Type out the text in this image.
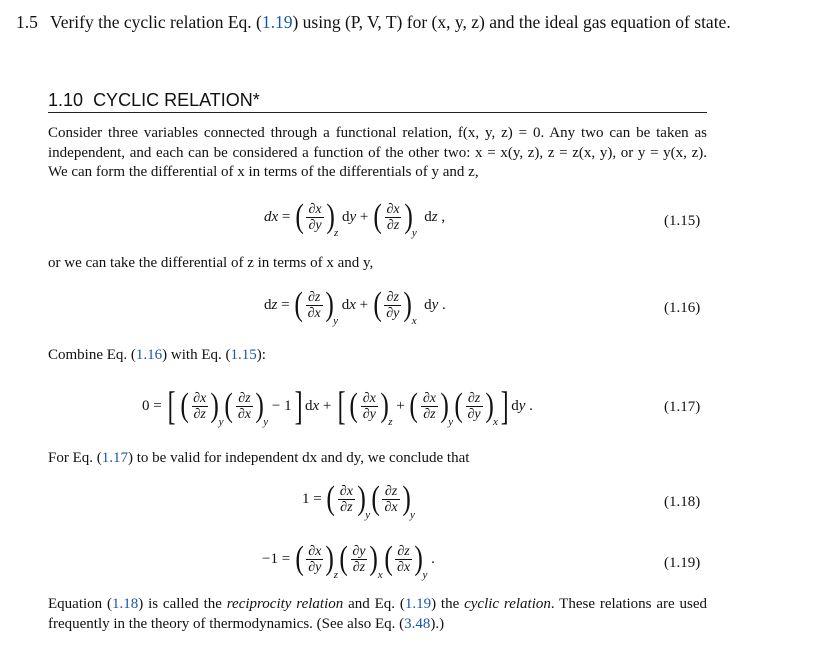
1.5 Verify the cyclic relation Eq. (1.19) using (P, V, T) for (x, y, z) and the ideal gas equation of state.
1.10 CYCLIC RELATION*
Consider three variables connected through a functional relation, f(x, y, z) = 0. Any two can be taken as independent, and each can be considered a function of the other two: x = x(y, z), z = z(x, y), or y = y(x, z). We can form the differential of x in terms of the differentials of y and z,
dx = ( $\frac{\partial x}{\partial y}$ ) z
dy + ( $\frac{\partial x}{\partial z}$ ) y
dz ,	(1.15)
or we can take the differential of z in terms of x and y,
dz = ( $\frac{\partial z}{\partial x}$ ) y
dx + ( $\frac{\partial z}{\partial y}$ ) x
dy .	(1.16)
Combine Eq. (1.16) with Eq. (1.15):
0 = [ ( $\frac{\partial x}{\partial z}$ ) y ( $\frac{\partial z}{\partial x}$ ) y
− 1 ] dx + [ ( $\frac{\partial x}{\partial y}$ ) z
+ ( $\frac{\partial x}{\partial z}$ ) y ( $\frac{\partial z}{\partial y}$ ) x ] dy .	(1.17)
For Eq. (1.17) to be valid for independent dx and dy, we conclude that
1 = ( $\frac{\partial x}{\partial z}$ ) y ( $\frac{\partial z}{\partial x}$ ) y
(1.18)
−1 = ( $\frac{\partial x}{\partial y}$ ) z ( $\frac{\partial y}{\partial z}$ ) x ( $\frac{\partial z}{\partial x}$ ) y
.	(1.19)
Equation (1.18) is called the reciprocity relation and Eq. (1.19) the cyclic relation. These relations are used frequently in the theory of thermodynamics. (See also Eq. (3.48).)
